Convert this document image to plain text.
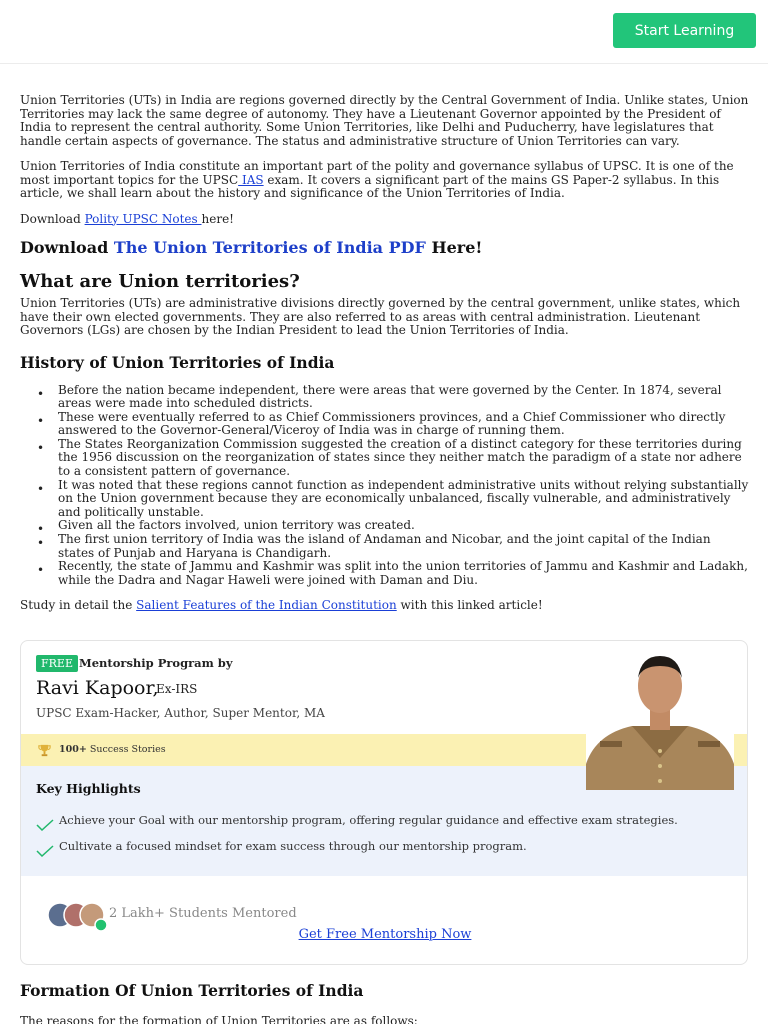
Start Learning

Union Territories (UTs) in India are regions governed directly by the Central Government of India. Unlike states, Union Territories may lack the same degree of autonomy. They have a Lieutenant Governor appointed by the President of India to represent the central authority. Some Union Territories, like Delhi and Puducherry, have legislatures that handle certain aspects of governance. The status and administrative structure of Union Territories can vary.

Union Territories of India constitute an important part of the polity and governance syllabus of UPSC. It is one of the most important topics for the UPSC IAS exam. It covers a significant part of the mains GS Paper-2 syllabus. In this article, we shall learn about the history and significance of the Union Territories of India.

Download Polity UPSC Notes here!

Download The Union Territories of India PDF Here!
What are Union territories?

Union Territories (UTs) are administrative divisions directly governed by the central government, unlike states, which have their own elected governments. They are also referred to as areas with central administration. Lieutenant Governors (LGs) are chosen by the Indian President to lead the Union Territories of India.

History of Union Territories of India
• Before the nation became independent, there were areas that were governed by the Center. In 1874, several areas were made into scheduled districts.
• These were eventually referred to as Chief Commissioners provinces, and a Chief Commissioner who directly answered to the Governor-General/Viceroy of India was in charge of running them.
• The States Reorganization Commission suggested the creation of a distinct category for these territories during the 1956 discussion on the reorganization of states since they neither match the paradigm of a state nor adhere to a consistent pattern of governance.
• It was noted that these regions cannot function as independent administrative units without relying substantially on the Union government because they are economically unbalanced, fiscally vulnerable, and administratively and politically unstable.
• Given all the factors involved, union territory was created.
• The first union territory of India was the island of Andaman and Nicobar, and the joint capital of the Indian states of Punjab and Haryana is Chandigarh.
• Recently, the state of Jammu and Kashmir was split into the union territories of Jammu and Kashmir and Ladakh, while the Dadra and Nagar Haweli were joined with Daman and Diu.

Study in detail the Salient Features of the Indian Constitution with this linked article!

FREE Mentorship Program by
Ravi Kapoor,
Ex-IRS
UPSC Exam-Hacker, Author, Super Mentor, MA
100+ Success Stories
Key Highlights
Achieve your Goal with our mentorship program, offering regular guidance and effective exam strategies.
Cultivate a focused mindset for exam success through our mentorship program.
2 Lakh+ Students Mentored
Get Free Mentorship Now
Formation Of Union Territories of India
The reasons for the formation of Union Territories are as follows:
